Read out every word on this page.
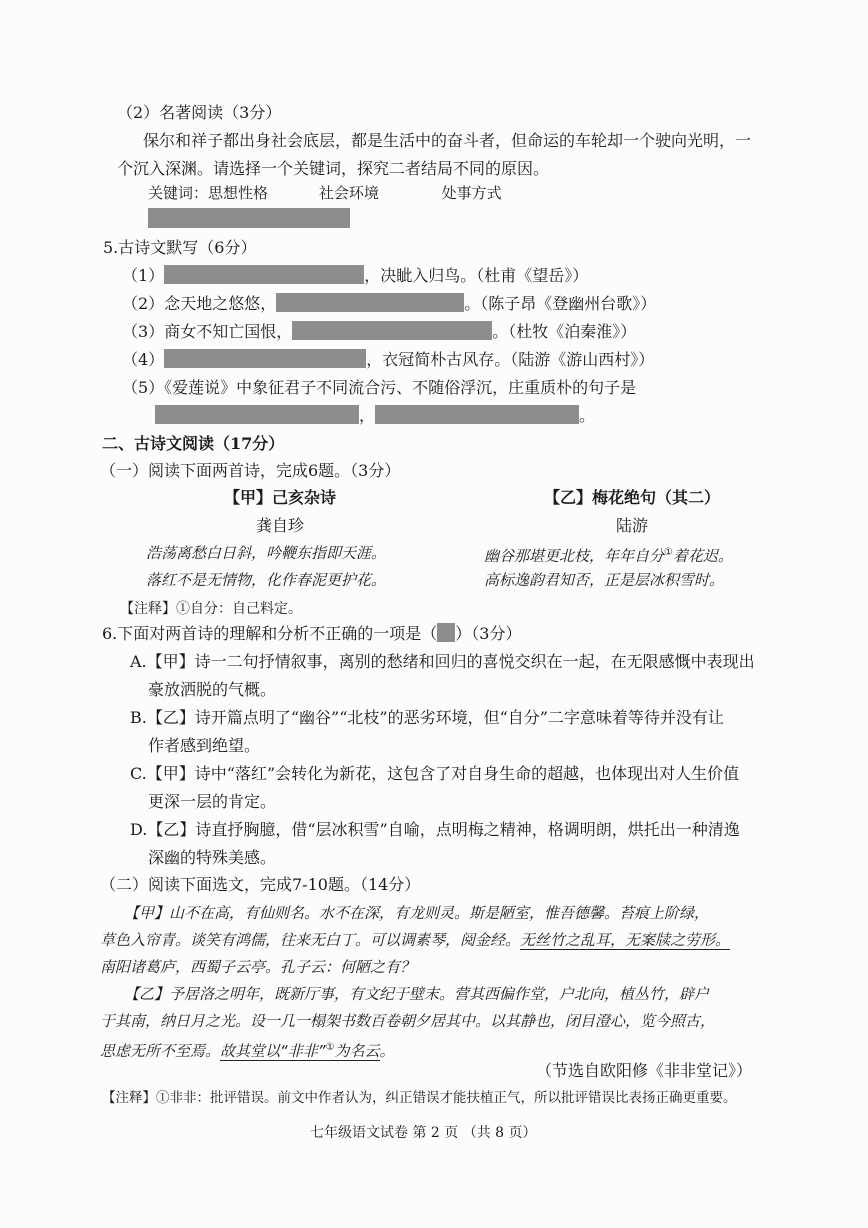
（2）名著阅读（3分）
保尔和祥子都出身社会底层，都是生活中的奋斗者，但命运的车轮却一个驶向光明，一
个沉入深渊。请选择一个关键词，探究二者结局不同的原因。
关键词：思想性格	社会环境	处事方式
5.古诗文默写（6分）
（1）	，决眦入归鸟。（杜甫《望岳》）
（2）念天地之悠悠，	。（陈子昂《登幽州台歌》）
（3）商女不知亡国恨，	。（杜牧《泊秦淮》）
（4）	，衣冠简朴古风存。（陆游《游山西村》）
（5）《爱莲说》中象征君子不同流合污、不随俗浮沉，庄重质朴的句子是
，	。
二、古诗文阅读（17分）
（一）阅读下面两首诗，完成6题。（3分）
【甲】己亥杂诗
龚自珍
浩荡离愁白日斜，吟鞭东指即天涯。
落红不是无情物，化作春泥更护花。
【乙】梅花绝句（其二）
陆游
幽谷那堪更北枝，年年自分①着花迟。
高标逸韵君知否，正是层冰积雪时。
【注释】①自分：自己料定。
6.下面对两首诗的理解和分析不正确的一项是（ ）（3分）
A.【甲】诗一二句抒情叙事，离别的愁绪和回归的喜悦交织在一起，在无限感慨中表现出
豪放洒脱的气概。
B.【乙】诗开篇点明了“幽谷”“北枝”的恶劣环境，但“自分”二字意味着等待并没有让
作者感到绝望。
C.【甲】诗中“落红”会转化为新花，这包含了对自身生命的超越，也体现出对人生价值
更深一层的肯定。
D.【乙】诗直抒胸臆，借“层冰积雪”自喻，点明梅之精神，格调明朗，烘托出一种清逸
深幽的特殊美感。
（二）阅读下面选文，完成7-10题。（14分）
【甲】山不在高，有仙则名。水不在深，有龙则灵。斯是陋室，惟吾德馨。苔痕上阶绿，
草色入帘青。谈笑有鸿儒，往来无白丁。可以调素琴，阅金经。无丝竹之乱耳，无案牍之劳形。
南阳诸葛庐，西蜀子云亭。孔子云：何陋之有？
【乙】予居洛之明年，既新厅事，有文纪于壁末。营其西偏作堂，户北向，植丛竹，辟户
于其南，纳日月之光。设一几一榻架书数百卷朝夕居其中。以其静也，闭目澄心，览今照古，
思虑无所不至焉。故其堂以“非非”①为名云。
（节选自欧阳修《非非堂记》）
【注释】①非非：批评错误。前文中作者认为，纠正错误才能扶植正气，所以批评错误比表扬正确更重要。
七年级语文试卷 第 2 页 （共 8 页）
